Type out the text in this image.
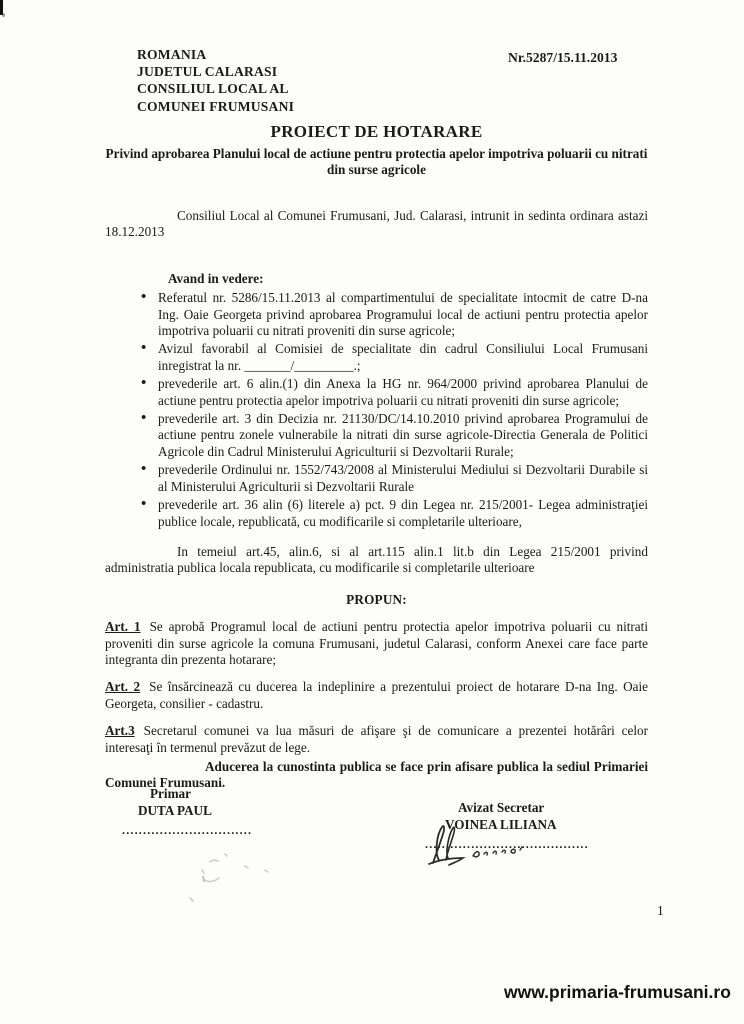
ROMANIA
JUDETUL CALARASI
CONSILIUL LOCAL AL
COMUNEI FRUMUSANI
Nr.5287/15.11.2013
PROIECT DE HOTARARE
Privind aprobarea Planului local de actiune pentru protectia apelor impotriva poluarii cu nitrati din surse agricole

Consiliul Local al Comunei Frumusani, Jud. Calarasi, intrunit in sedinta ordinara astazi 18.12.2013

Avand in vedere:
• Referatul nr. 5286/15.11.2013 al compartimentului de specialitate intocmit de catre D-na Ing. Oaie Georgeta privind aprobarea Programului local de actiuni pentru protectia apelor impotriva poluarii cu nitrati proveniti din surse agricole;
• Avizul favorabil al Comisiei de specialitate din cadrul Consiliului Local Frumusani inregistrat la nr. _______/_________.;
• prevederile art. 6 alin.(1) din Anexa la HG nr. 964/2000 privind aprobarea Planului de actiune pentru protectia apelor impotriva poluarii cu nitrati proveniti din surse agricole;
• prevederile art. 3 din Decizia nr. 21130/DC/14.10.2010 privind aprobarea Programului de actiune pentru zonele vulnerabile la nitrati din surse agricole-Directia Generala de Politici Agricole din Cadrul Ministerului Agriculturii si Dezvoltarii Rurale;
• prevederile Ordinului nr. 1552/743/2008 al Ministerului Mediului si Dezvoltarii Durabile si al Ministerului Agriculturii si Dezvoltarii Rurale
• prevederile art. 36 alin (6) literele a) pct. 9 din Legea nr. 215/2001- Legea administraţiei publice locale, republicată, cu modificarile si completarile ulterioare,

In temeiul art.45, alin.6, si al art.115 alin.1 lit.b din Legea 215/2001 privind administratia publica locala republicata, cu modificarile si completarile ulterioare

PROPUN:

Art. 1 Se aprobă Programul local de actiuni pentru protectia apelor impotriva poluarii cu nitrati proveniti din surse agricole la comuna Frumusani, judetul Calarasi, conform Anexei care face parte integranta din prezenta hotarare;

Art. 2 Se însărcinează cu ducerea la indeplinire a prezentului proiect de hotarare D-na Ing. Oaie Georgeta, consilier - cadastru.

Art.3 Secretarul comunei va lua măsuri de afişare şi de comunicare a prezentei hotărâri celor interesaţi în termenul prevăzut de lege.

Aducerea la cunostinta publica se face prin afisare publica la sediul Primariei Comunei Frumusani.

Primar
DUTA PAUL
...............................
Avizat Secretar
VOINEA LILIANA
.......................................
1
www.primaria-frumusani.ro
